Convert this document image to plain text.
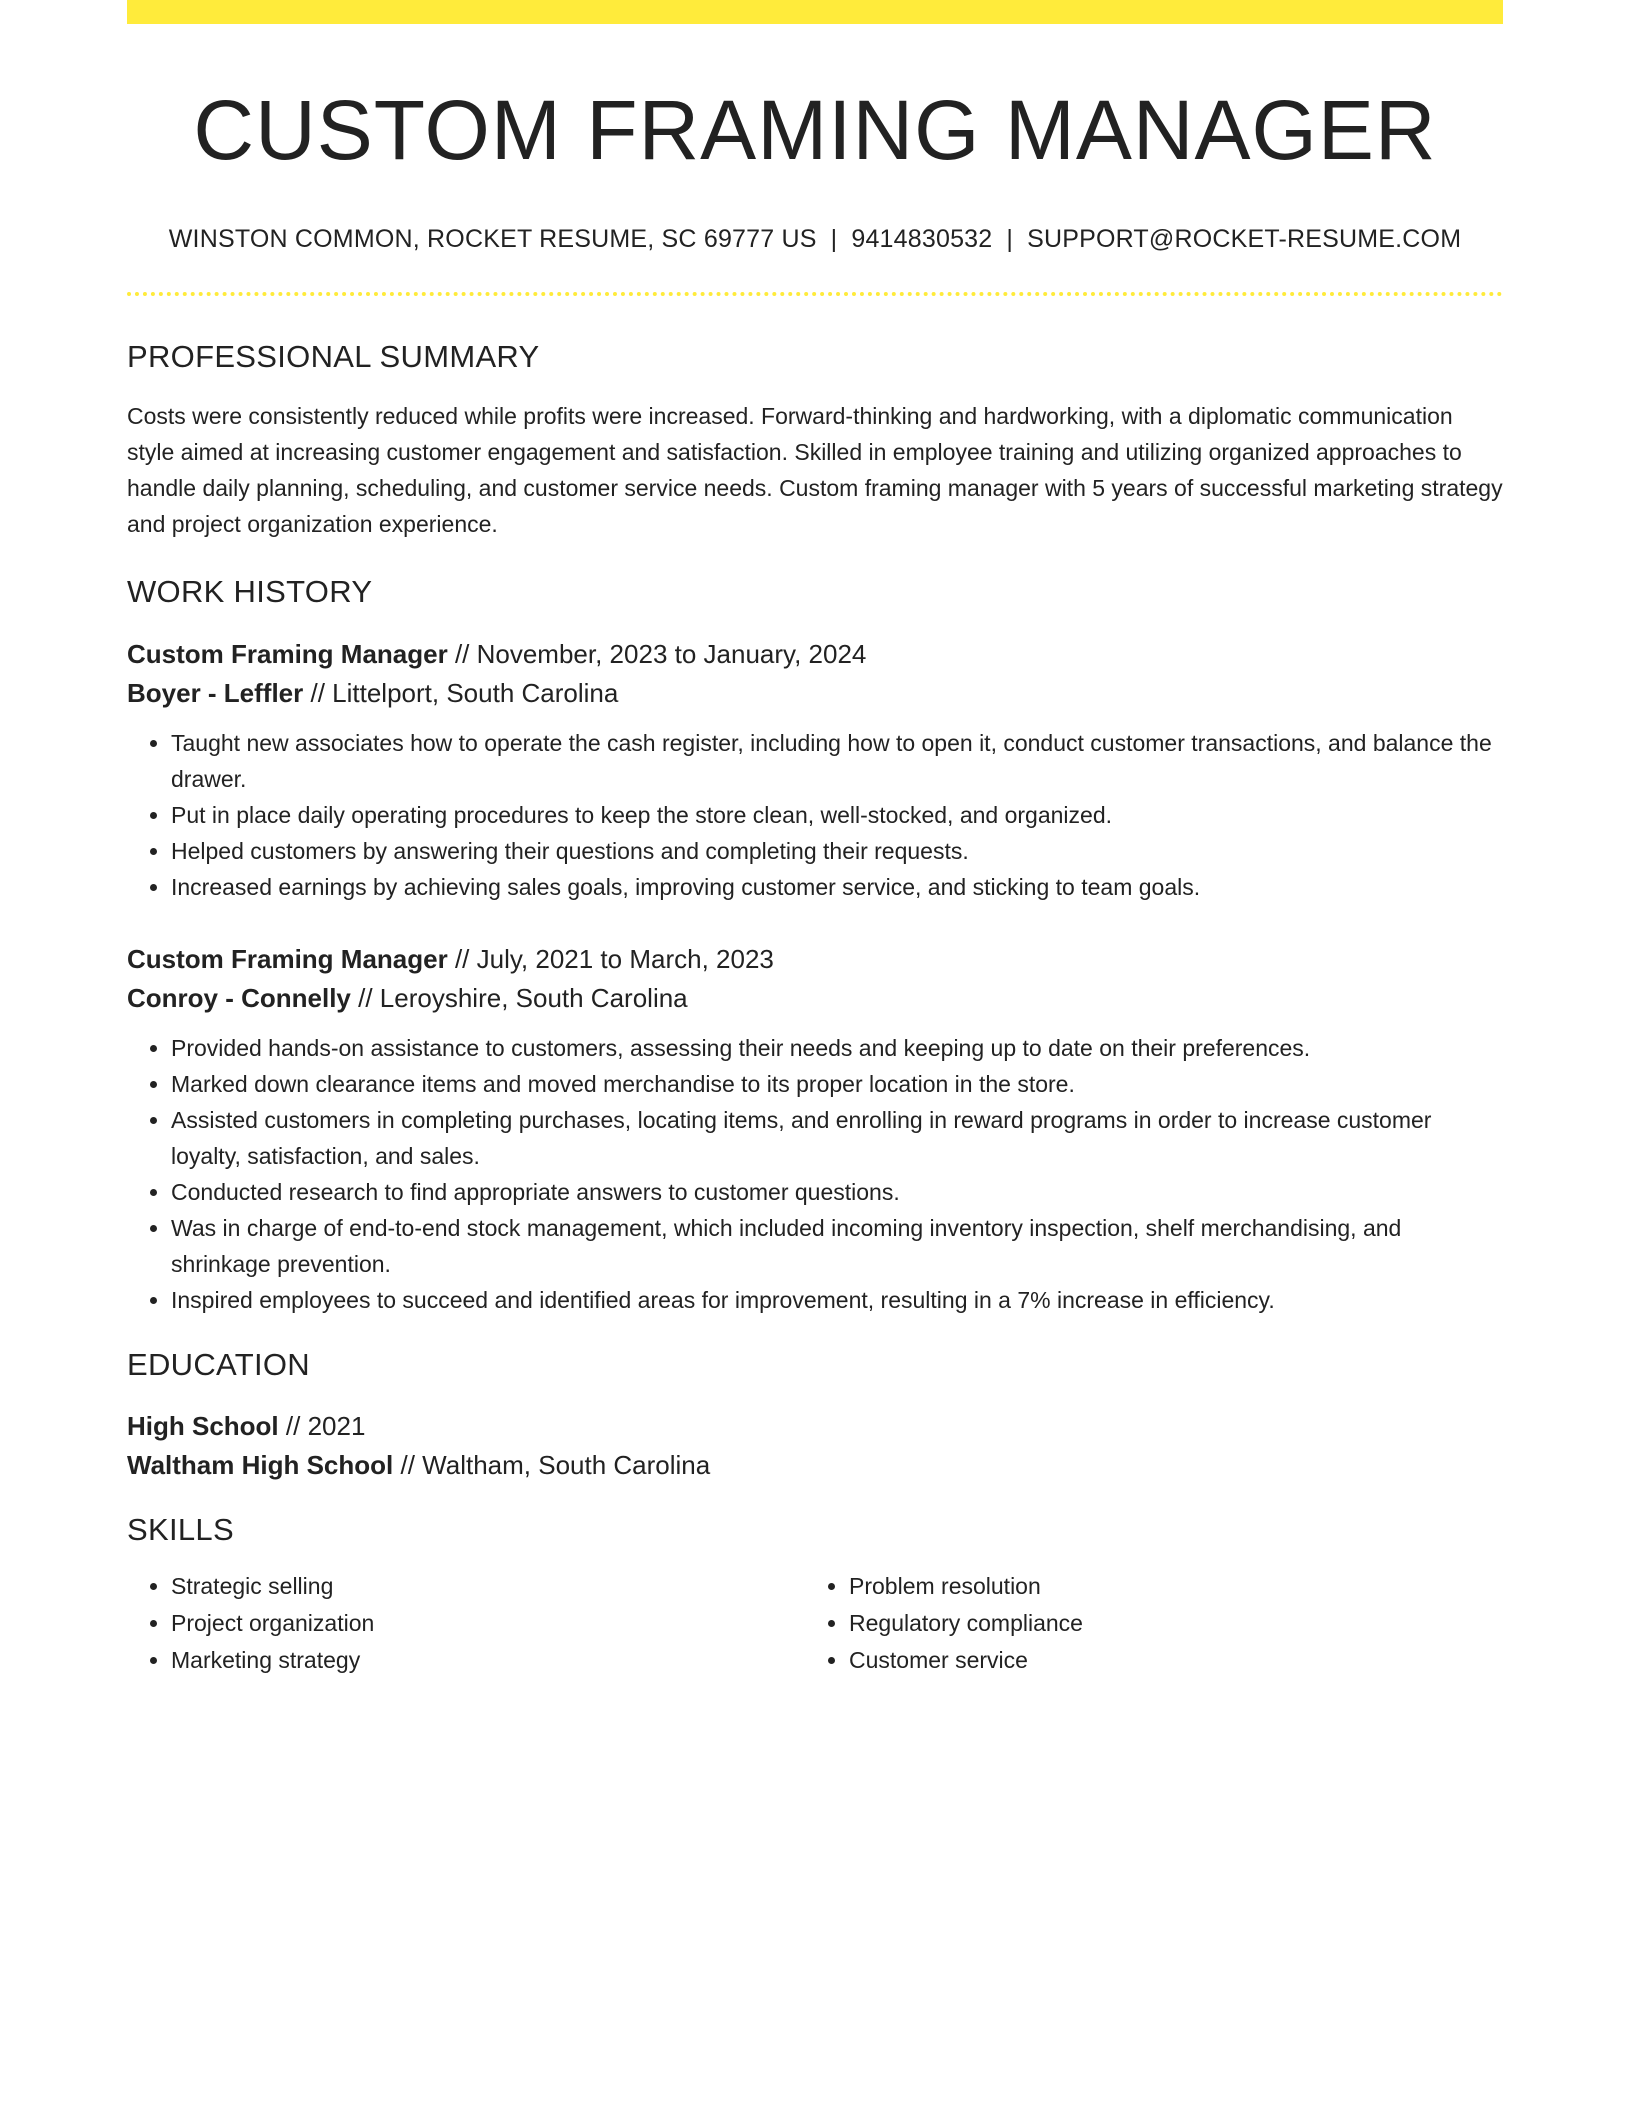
CUSTOM FRAMING MANAGER
WINSTON COMMON, ROCKET RESUME, SC 69777 US | 9414830532 | SUPPORT@ROCKET-RESUME.COM
PROFESSIONAL SUMMARY
Costs were consistently reduced while profits were increased. Forward-thinking and hardworking, with a diplomatic communication style aimed at increasing customer engagement and satisfaction. Skilled in employee training and utilizing organized approaches to handle daily planning, scheduling, and customer service needs. Custom framing manager with 5 years of successful marketing strategy and project organization experience.
WORK HISTORY
Custom Framing Manager // November, 2023 to January, 2024
Boyer - Leffler // Littelport, South Carolina
• Taught new associates how to operate the cash register, including how to open it, conduct customer transactions, and balance the drawer.
• Put in place daily operating procedures to keep the store clean, well-stocked, and organized.
• Helped customers by answering their questions and completing their requests.
• Increased earnings by achieving sales goals, improving customer service, and sticking to team goals.
Custom Framing Manager // July, 2021 to March, 2023
Conroy - Connelly // Leroyshire, South Carolina
• Provided hands-on assistance to customers, assessing their needs and keeping up to date on their preferences.
• Marked down clearance items and moved merchandise to its proper location in the store.
• Assisted customers in completing purchases, locating items, and enrolling in reward programs in order to increase customer loyalty, satisfaction, and sales.
• Conducted research to find appropriate answers to customer questions.
• Was in charge of end-to-end stock management, which included incoming inventory inspection, shelf merchandising, and shrinkage prevention.
• Inspired employees to succeed and identified areas for improvement, resulting in a 7% increase in efficiency.
EDUCATION
High School // 2021
Waltham High School // Waltham, South Carolina
SKILLS
• Strategic selling
• Project organization
• Marketing strategy
• Problem resolution
• Regulatory compliance
• Customer service
